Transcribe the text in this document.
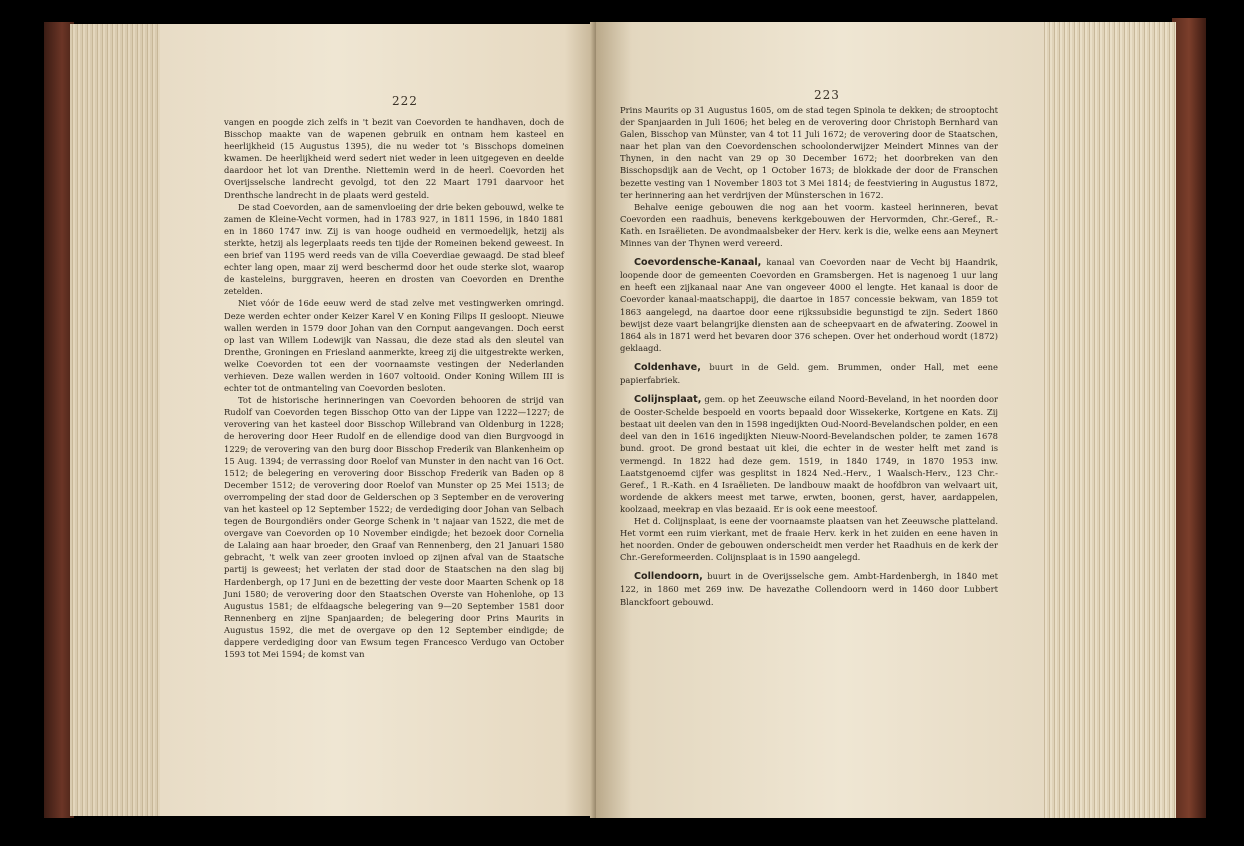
222

vangen en poogde zich zelfs in 't bezit van Coevorden te handhaven, doch de Bisschop maakte van de wapenen gebruik en ontnam hem kasteel en heerlijkheid (15 Augustus 1395), die nu weder tot 's Bisschops domeinen kwamen. De heerlijkheid werd sedert niet weder in leen uitgegeven en deelde daardoor het lot van Drenthe. Niettemin werd in de heerl. Coevorden het Overijsselsche landrecht gevolgd, tot den 22 Maart 1791 daarvoor het Drenthsche landrecht in de plaats werd gesteld.

De stad Coevorden, aan de samenvloeiing der drie beken gebouwd, welke te zamen de Kleine-Vecht vormen, had in 1783 927, in 1811 1596, in 1840 1881 en in 1860 1747 inw. Zij is van hooge oudheid en vermoedelijk, hetzij als sterkte, hetzij als legerplaats reeds ten tijde der Romeinen bekend geweest. In een brief van 1195 werd reeds van de villa Coeverdiae gewaagd. De stad bleef echter lang open, maar zij werd beschermd door het oude sterke slot, waarop de kasteleins, burggraven, heeren en drosten van Coevorden en Drenthe zetelden.

Niet vóór de 16de eeuw werd de stad zelve met vestingwerken omringd. Deze werden echter onder Keizer Karel V en Koning Filips II gesloopt. Nieuwe wallen werden in 1579 door Johan van den Cornput aangevangen. Doch eerst op last van Willem Lodewijk van Nassau, die deze stad als den sleutel van Drenthe, Groningen en Friesland aanmerkte, kreeg zij die uitgestrekte werken, welke Coevorden tot een der voornaamste vestingen der Nederlanden verhieven. Deze wallen werden in 1607 voltooid. Onder Koning Willem III is echter tot de ontmanteling van Coevorden besloten.

Tot de historische herinneringen van Coevorden behooren de strijd van Rudolf van Coevorden tegen Bisschop Otto van der Lippe van 1222—1227; de verovering van het kasteel door Bisschop Willebrand van Oldenburg in 1228; de herovering door Heer Rudolf en de ellendige dood van dien Burgvoogd in 1229; de verovering van den burg door Bisschop Frederik van Blankenheim op 15 Aug. 1394; de verrassing door Roelof van Munster in den nacht van 16 Oct. 1512; de belegering en verovering door Bisschop Frederik van Baden op 8 December 1512; de verovering door Roelof van Munster op 25 Mei 1513; de overrompeling der stad door de Gelderschen op 3 September en de verovering van het kasteel op 12 September 1522; de verdediging door Johan van Selbach tegen de Bourgondiërs onder George Schenk in 't najaar van 1522, die met de overgave van Coevorden op 10 November eindigde; het bezoek door Cornelia de Lalaing aan haar broeder, den Graaf van Rennenberg, den 21 Januari 1580 gebracht, 't welk van zeer grooten invloed op zijnen afval van de Staatsche partij is geweest; het verlaten der stad door de Staatschen na den slag bij Hardenbergh, op 17 Juni en de bezetting der veste door Maarten Schenk op 18 Juni 1580; de verovering door den Staatschen Overste van Hohenlohe, op 13 Augustus 1581; de elfdaagsche belegering van 9—20 September 1581 door Rennenberg en zijne Spanjaarden; de belegering door Prins Maurits in Augustus 1592, die met de overgave op den 12 September eindigde; de dappere verdediging door van Ewsum tegen Francesco Verdugo van October 1593 tot Mei 1594; de komst van

223

Prins Maurits op 31 Augustus 1605, om de stad tegen Spinola te dekken; de strooptocht der Spanjaarden in Juli 1606; het beleg en de verovering door Christoph Bernhard van Galen, Bisschop van Münster, van 4 tot 11 Juli 1672; de verovering door de Staatschen, naar het plan van den Coevordenschen schoolonderwijzer Meindert Minnes van der Thynen, in den nacht van 29 op 30 December 1672; het doorbreken van den Bisschopsdijk aan de Vecht, op 1 October 1673; de blokkade der door de Franschen bezette vesting van 1 November 1803 tot 3 Mei 1814; de feestviering in Augustus 1872, ter herinnering aan het verdrijven der Münsterschen in 1672.

Behalve eenige gebouwen die nog aan het voorm. kasteel herinneren, bevat Coevorden een raadhuis, benevens kerkgebouwen der Hervormden, Chr.-Geref., R.-Kath. en Israëlieten. De avondmaalsbeker der Herv. kerk is die, welke eens aan Meynert Minnes van der Thynen werd vereerd.

Coevordensche-Kanaal, kanaal van Coevorden naar de Vecht bij Haandrik, loopende door de gemeenten Coevorden en Gramsbergen. Het is nagenoeg 1 uur lang en heeft een zijkanaal naar Ane van ongeveer 4000 el lengte. Het kanaal is door de Coevorder kanaal-maatschappij, die daartoe in 1857 concessie bekwam, van 1859 tot 1863 aangelegd, na daartoe door eene rijkssubsidie begunstigd te zijn. Sedert 1860 bewijst deze vaart belangrijke diensten aan de scheepvaart en de afwatering. Zoowel in 1864 als in 1871 werd het bevaren door 376 schepen. Over het onderhoud wordt (1872) geklaagd.

Coldenhave, buurt in de Geld. gem. Brummen, onder Hall, met eene papierfabriek.

Colijnsplaat, gem. op het Zeeuwsche eiland Noord-Beveland, in het noorden door de Ooster-Schelde bespoeld en voorts bepaald door Wissekerke, Kortgene en Kats. Zij bestaat uit deelen van den in 1598 ingedijkten Oud-Noord-Bevelandschen polder, en een deel van den in 1616 ingedijkten Nieuw-Noord-Bevelandschen polder, te zamen 1678 bund. groot. De grond bestaat uit klei, die echter in de wester helft met zand is vermengd. In 1822 had deze gem. 1519, in 1840 1749, in 1870 1953 inw. Laatstgenoemd cijfer was gesplitst in 1824 Ned.-Herv., 1 Waalsch-Herv., 123 Chr.-Geref., 1 R.-Kath. en 4 Israëlieten. De landbouw maakt de hoofdbron van welvaart uit, wordende de akkers meest met tarwe, erwten, boonen, gerst, haver, aardappelen, koolzaad, meekrap en vlas bezaaid. Er is ook eene meestoof.

Het d. Colijnsplaat, is eene der voornaamste plaatsen van het Zeeuwsche platteland. Het vormt een ruim vierkant, met de fraaie Herv. kerk in het zuiden en eene haven in het noorden. Onder de gebouwen onderscheidt men verder het Raadhuis en de kerk der Chr.-Gereformeerden. Colijnsplaat is in 1590 aangelegd.

Collendoorn, buurt in de Overijsselsche gem. Ambt-Hardenbergh, in 1840 met 122, in 1860 met 269 inw. De havezathe Collendoorn werd in 1460 door Lubbert Blanckfoort gebouwd.
